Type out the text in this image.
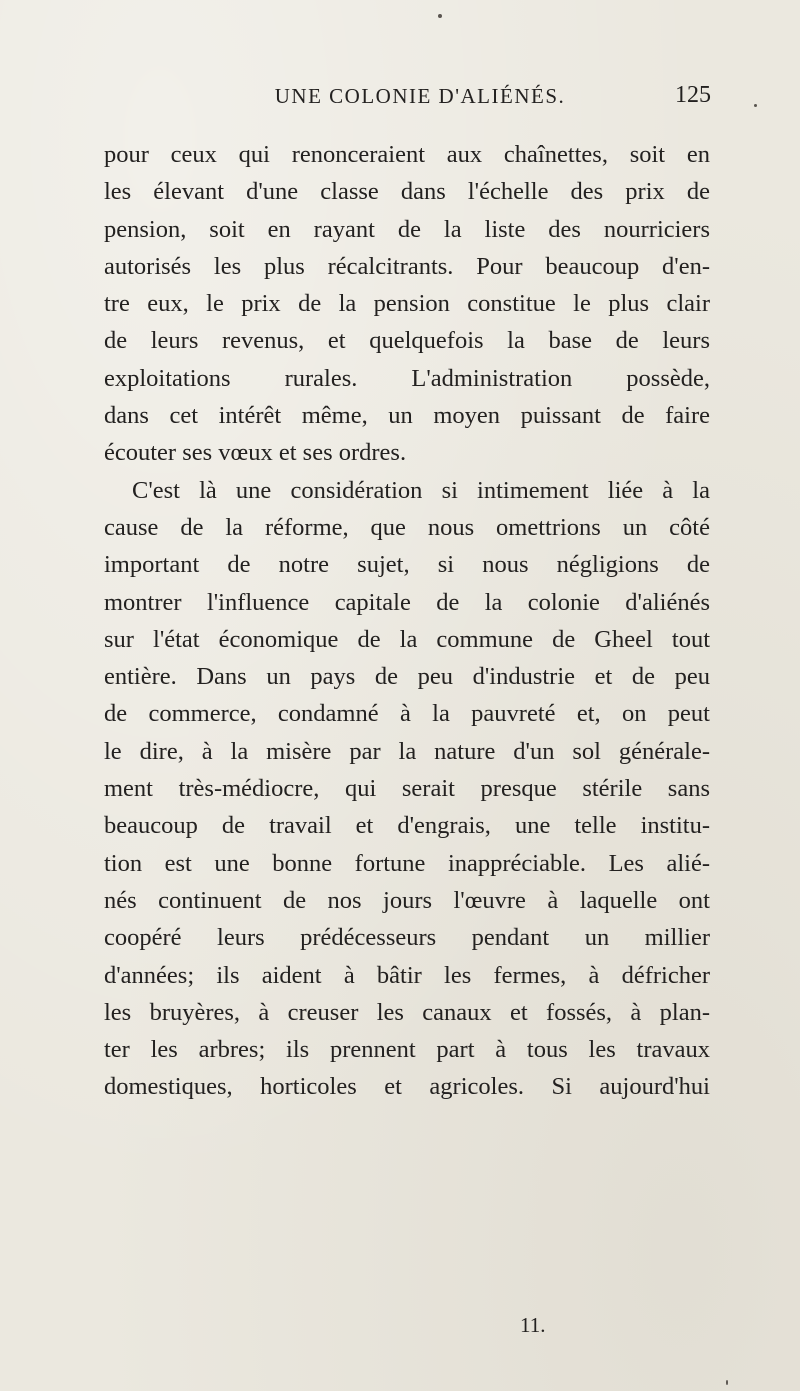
UNE COLONIE D'ALIÉNÉS.	125
pour ceux qui renonceraient aux chaînettes, soit en
les élevant d'une classe dans l'échelle des prix de
pension, soit en rayant de la liste des nourriciers
autorisés les plus récalcitrants. Pour beaucoup d'en-
tre eux, le prix de la pension constitue le plus clair
de leurs revenus, et quelquefois la base de leurs
exploitations rurales. L'administration possède,
dans cet intérêt même, un moyen puissant de faire
écouter ses vœux et ses ordres.
C'est là une considération si intimement liée à la
cause de la réforme, que nous omettrions un côté
important de notre sujet, si nous négligions de
montrer l'influence capitale de la colonie d'aliénés
sur l'état économique de la commune de Gheel tout
entière. Dans un pays de peu d'industrie et de peu
de commerce, condamné à la pauvreté et, on peut
le dire, à la misère par la nature d'un sol générale-
ment très-médiocre, qui serait presque stérile sans
beaucoup de travail et d'engrais, une telle institu-
tion est une bonne fortune inappréciable. Les alié-
nés continuent de nos jours l'œuvre à laquelle ont
coopéré leurs prédécesseurs pendant un millier
d'années; ils aident à bâtir les fermes, à défricher
les bruyères, à creuser les canaux et fossés, à plan-
ter les arbres; ils prennent part à tous les travaux
domestiques, horticoles et agricoles. Si aujourd'hui
11.
